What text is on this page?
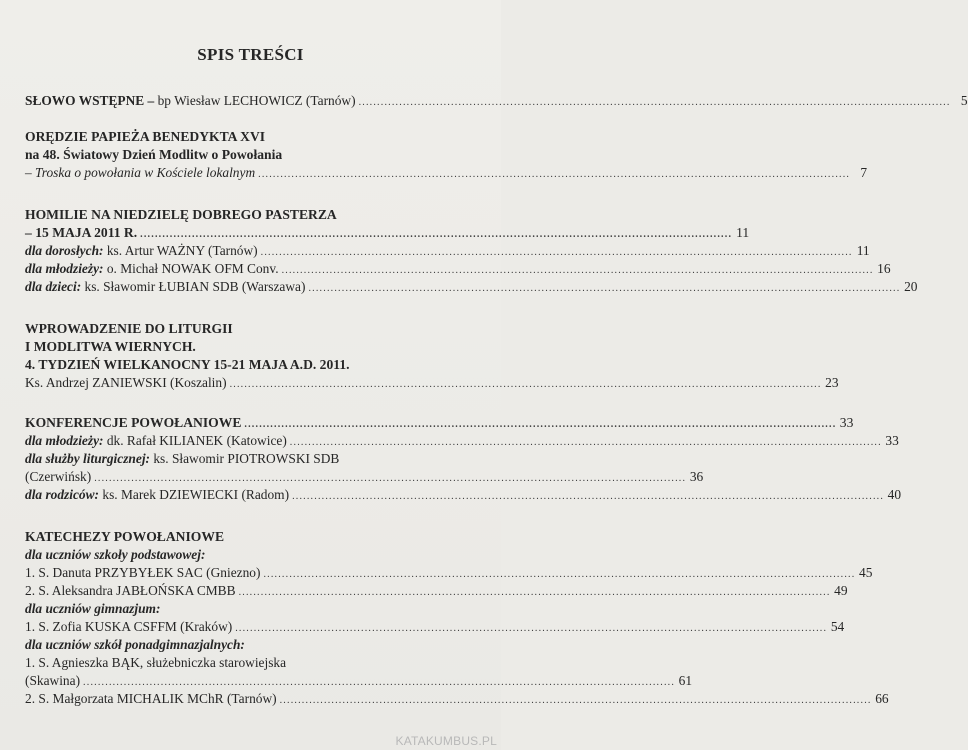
SPIS TREŚCI
SŁOWO WSTĘPNE – bp Wiesław LECHOWICZ (Tarnów) ................................................................................................................................................................ 5
ORĘDZIE PAPIEŻA BENEDYKTA XVI
na 48. Światowy Dzień Modlitw o Powołania
– Troska o powołania w Kościele lokalnym ................................................................................................................................................................ 7
HOMILIE NA NIEDZIELĘ DOBREGO PASTERZA
– 15 MAJA 2011 R. ................................................................................................................................................................ 11
dla dorosłych: ks. Artur WAŻNY (Tarnów) ................................................................................................................................................................ 11
dla młodzieży: o. Michał NOWAK OFM Conv. ................................................................................................................................................................ 16
dla dzieci: ks. Sławomir ŁUBIAN SDB (Warszawa) ................................................................................................................................................................ 20
WPROWADZENIE DO LITURGII
I MODLITWA WIERNYCH.
4. TYDZIEŃ WIELKANOCNY 15-21 MAJA A.D. 2011.
Ks. Andrzej ZANIEWSKI (Koszalin) ................................................................................................................................................................ 23
KONFERENCJE POWOŁANIOWE ................................................................................................................................................................ 33
dla młodzieży: dk. Rafał KILIANEK (Katowice) ................................................................................................................................................................ 33
dla służby liturgicznej: ks. Sławomir PIOTROWSKI SDB
(Czerwińsk) ................................................................................................................................................................ 36
dla rodziców: ks. Marek DZIEWIECKI (Radom) ................................................................................................................................................................ 40
KATECHEZY POWOŁANIOWE
dla uczniów szkoły podstawowej:
1. S. Danuta PRZYBYŁEK SAC (Gniezno) ................................................................................................................................................................ 45
2. S. Aleksandra JABŁOŃSKA CMBB ................................................................................................................................................................ 49
dla uczniów gimnazjum:
1. S. Zofia KUSKA CSFFM (Kraków) ................................................................................................................................................................ 54
dla uczniów szkół ponadgimnazjalnych:
1. S. Agnieszka BĄK, służebniczka starowiejska
(Skawina) ................................................................................................................................................................ 61
2. S. Małgorzata MICHALIK MChR (Tarnów) ................................................................................................................................................................ 66
KATAKUMBUS.PL
